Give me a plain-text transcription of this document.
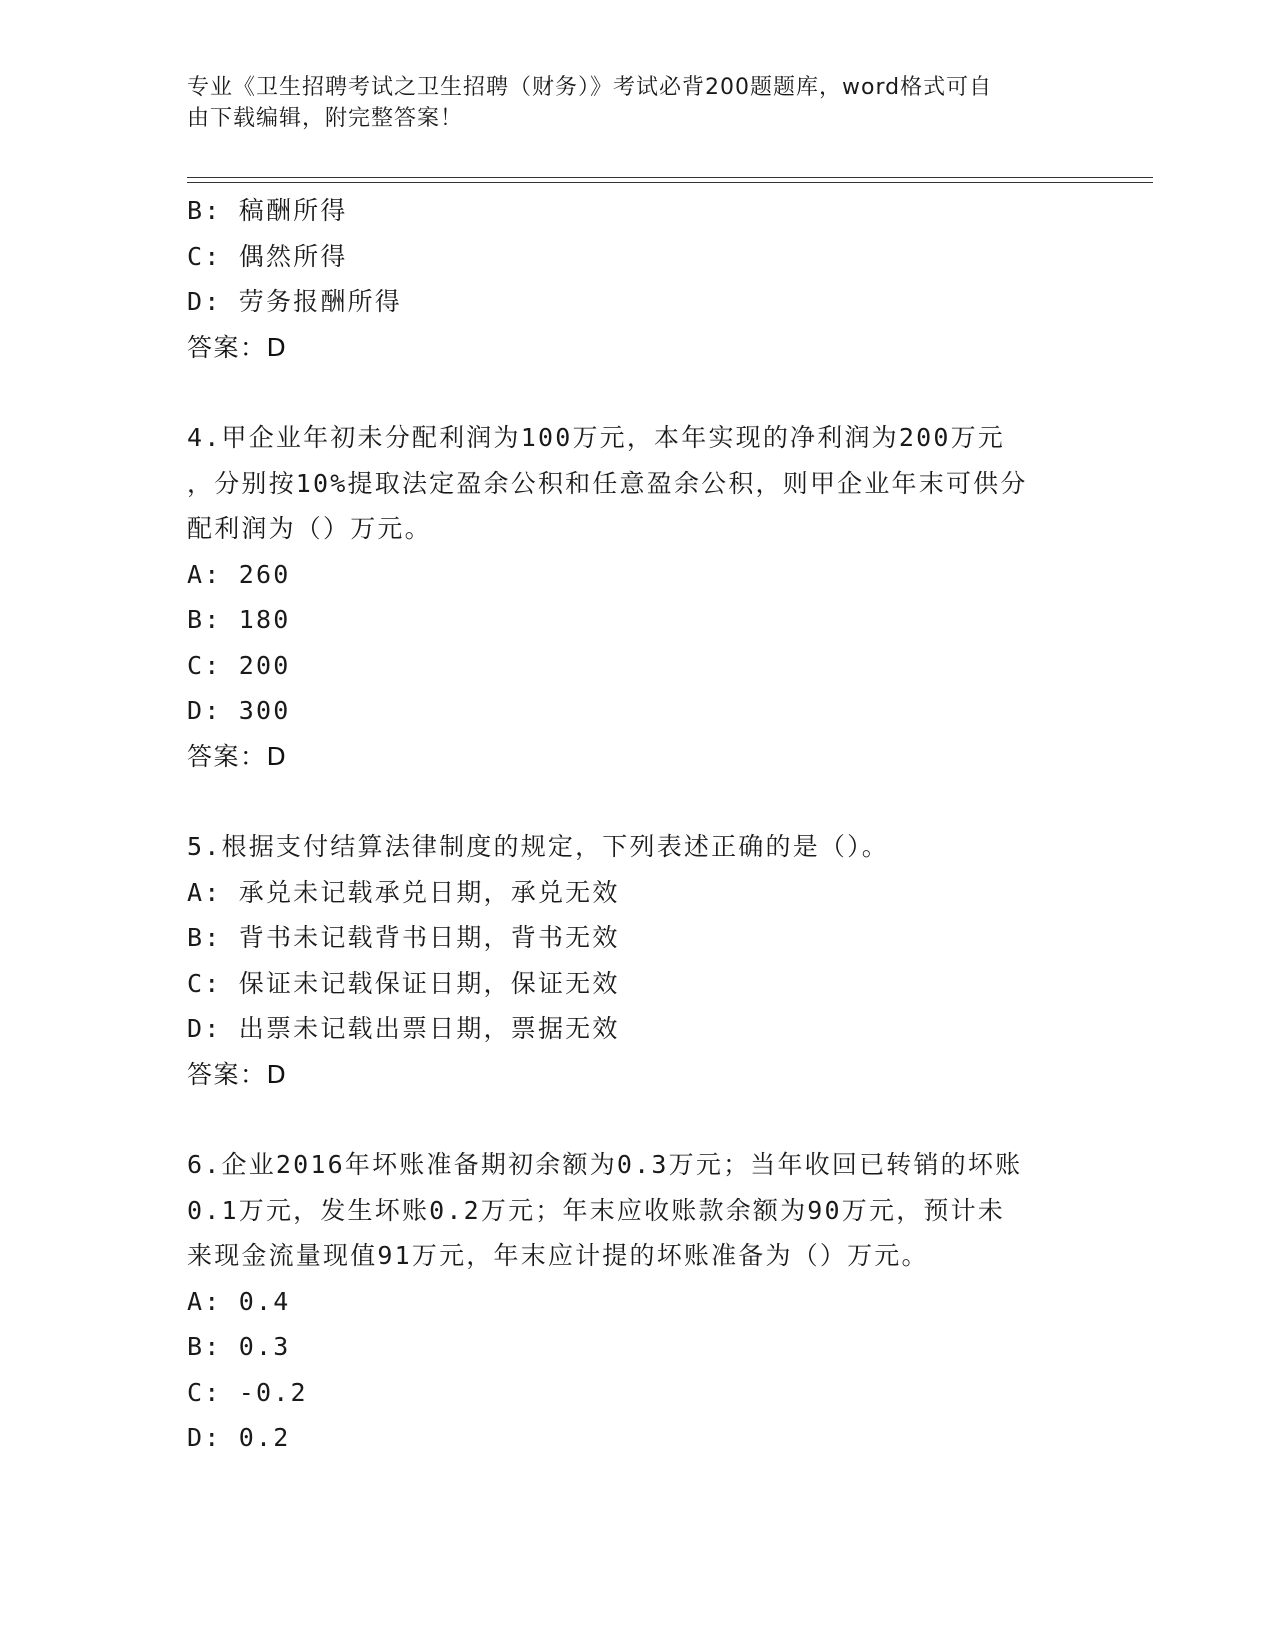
专业《卫生招聘考试之卫生招聘（财务）》考试必背200题题库，word格式可自
由下载编辑，附完整答案！
B: 稿酬所得
C: 偶然所得
D: 劳务报酬所得
答案：D
4.甲企业年初未分配利润为100万元，本年实现的净利润为200万元
，分别按10%提取法定盈余公积和任意盈余公积，则甲企业年末可供分
配利润为（）万元。
A: 260
B: 180
C: 200
D: 300
答案：D
5.根据支付结算法律制度的规定，下列表述正确的是（）。
A: 承兑未记载承兑日期，承兑无效
B: 背书未记载背书日期，背书无效
C: 保证未记载保证日期，保证无效
D: 出票未记载出票日期，票据无效
答案：D
6.企业2016年坏账准备期初余额为0.3万元；当年收回已转销的坏账
0.1万元，发生坏账0.2万元；年末应收账款余额为90万元，预计未
来现金流量现值91万元，年末应计提的坏账准备为（）万元。
A: 0.4
B: 0.3
C: -0.2
D: 0.2
